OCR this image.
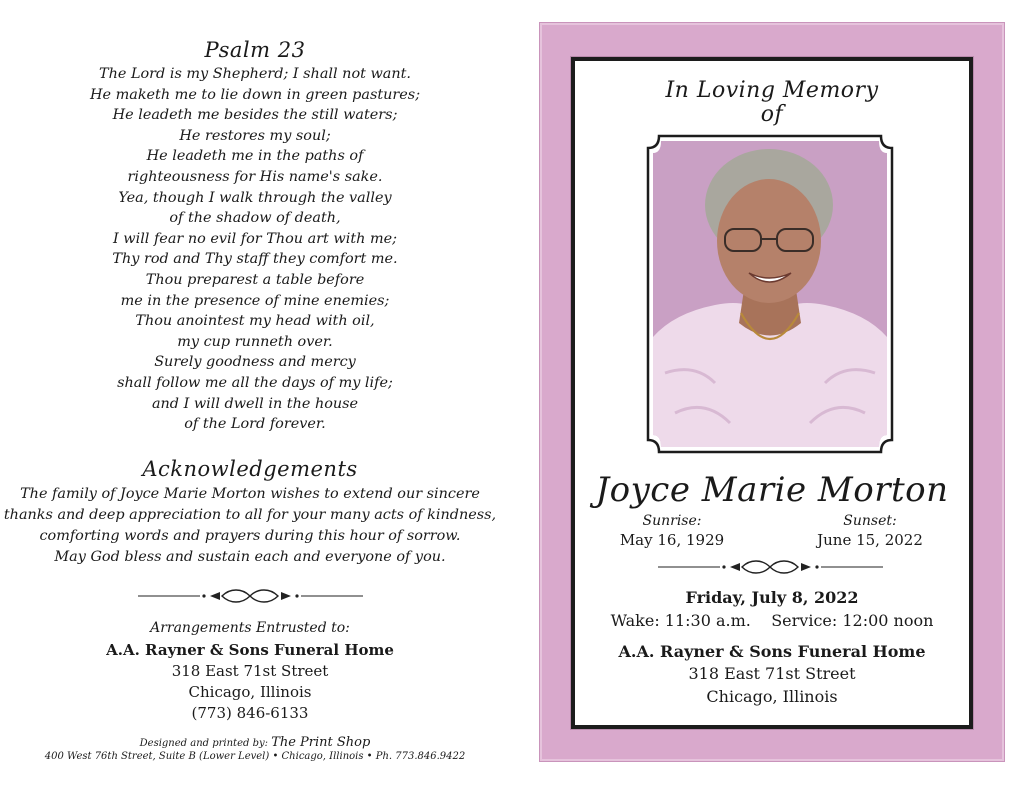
Psalm 23
The Lord is my Shepherd; I shall not want.
He maketh me to lie down in green pastures;
He leadeth me besides the still waters;
He restores my soul;
He leadeth me in the paths of
righteousness for His name's sake.
Yea, though I walk through the valley
of the shadow of death,
I will fear no evil for Thou art with me;
Thy rod and Thy staff they comfort me.
Thou preparest a table before
me in the presence of mine enemies;
Thou anointest my head with oil,
my cup runneth over.
Surely goodness and mercy
shall follow me all the days of my life;
and I will dwell in the house
of the Lord forever.
Acknowledgements
The family of Joyce Marie Morton wishes to extend our sincere
thanks and deep appreciation to all for your many acts of kindness,
comforting words and prayers during this hour of sorrow.
May God bless and sustain each and everyone of you.
Arrangements Entrusted to:
A.A. Rayner & Sons Funeral Home
318 East 71st Street
Chicago, Illinois
(773) 846-6133
Designed and printed by: The Print Shop
400 West 76th Street, Suite B (Lower Level) • Chicago, Illinois • Ph. 773.846.9422
In Loving Memory
of
Joyce Marie Morton
Sunrise:
May 16, 1929
Sunset:
June 15, 2022
Friday, July 8, 2022
Wake: 11:30 a.m. Service: 12:00 noon
A.A. Rayner & Sons Funeral Home
318 East 71st Street
Chicago, Illinois
